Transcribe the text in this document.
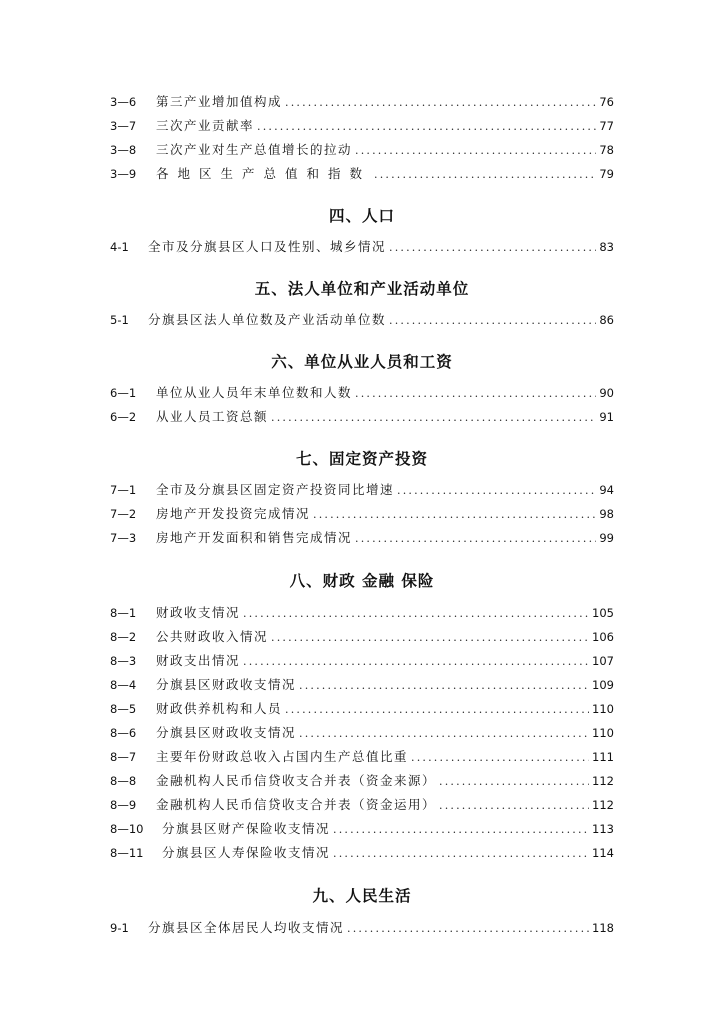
3—6	第三产业增加值构成 .....	76
3—7	三次产业贡献率 .....	77
3—8	三次产业对生产总值增长的拉动 .....	78
3—9	各地区生产总值和指数 .....	79
四、人口
4-1	全市及分旗县区人口及性别、城乡情况 .....	83
五、法人单位和产业活动单位
5-1	分旗县区法人单位数及产业活动单位数 .....	86
六、单位从业人员和工资
6—1	单位从业人员年末单位数和人数 .....	90
6—2	从业人员工资总额 .....	91
七、固定资产投资
7—1	全市及分旗县区固定资产投资同比增速 .....	94
7—2	房地产开发投资完成情况 .....	98
7—3	房地产开发面积和销售完成情况 .....	99
八、财政 金融 保险
8—1	财政收支情况 .....	105
8—2	公共财政收入情况 .....	106
8—3	财政支出情况 .....	107
8—4	分旗县区财政收支情况 .....	109
8—5	财政供养机构和人员 .....	110
8—6	分旗县区财政收支情况 .....	110
8—7	主要年份财政总收入占国内生产总值比重 .....	111
8—8	金融机构人民币信贷收支合并表（资金来源） .....	112
8—9	金融机构人民币信贷收支合并表（资金运用） .....	112
8—10	分旗县区财产保险收支情况 .....	113
8—11	分旗县区人寿保险收支情况 .....	114
九、人民生活
9-1	分旗县区全体居民人均收支情况 .....	118
